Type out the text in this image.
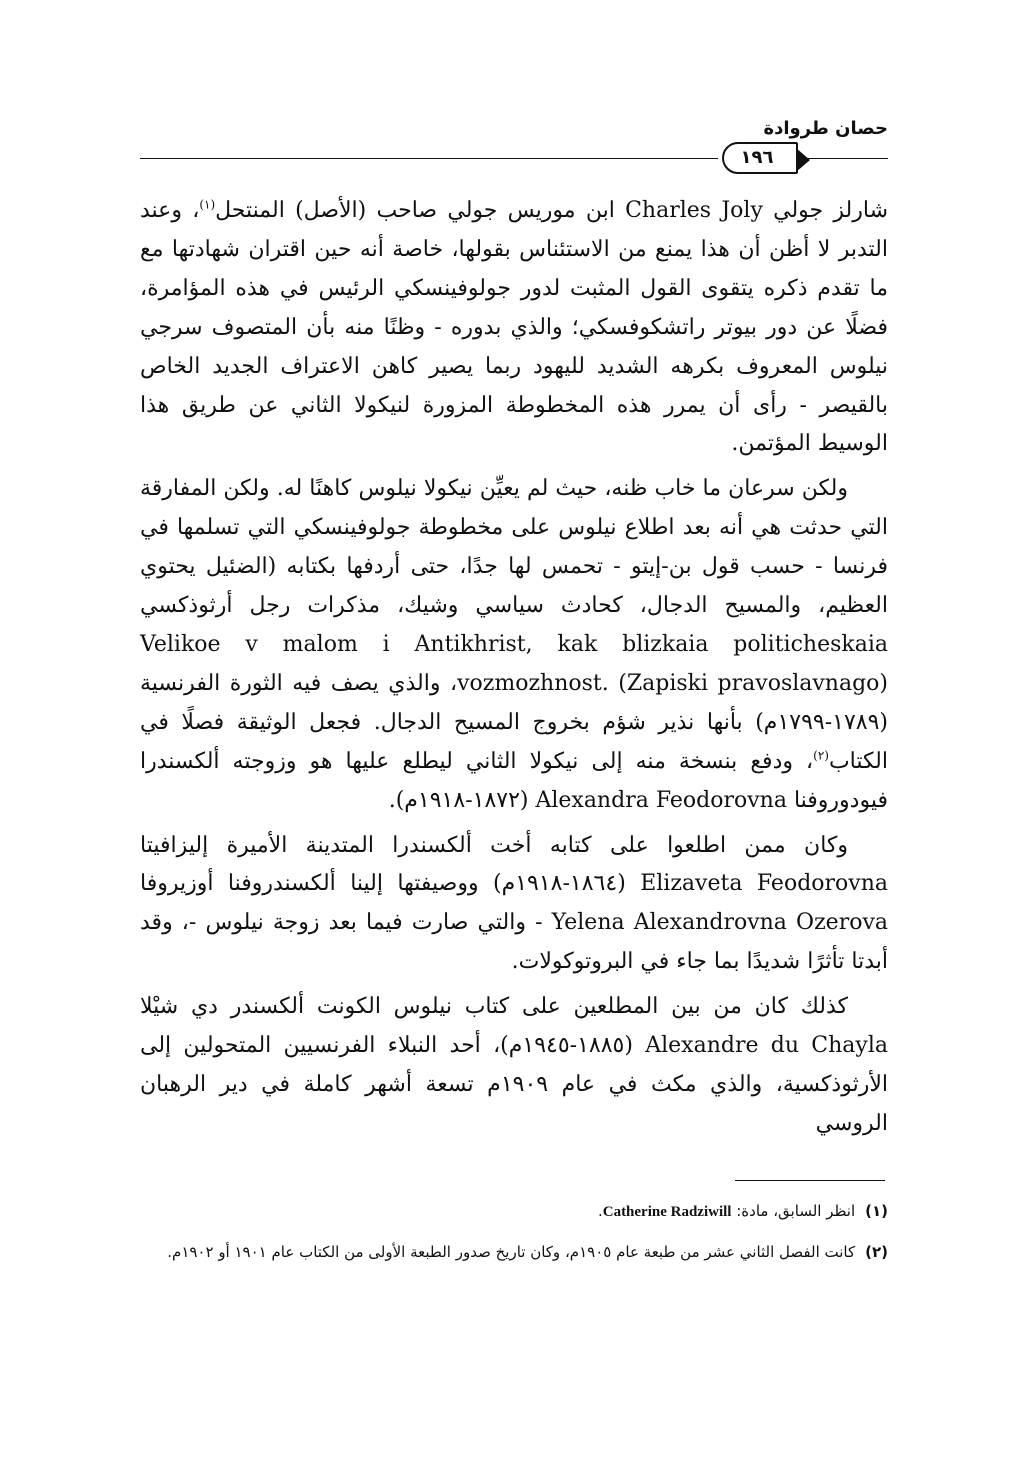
حصان طروادة
١٩٦

شارلز جولي Charles Joly ابن موريس جولي صاحب (الأصل) المنتحل$^{(١)}$، وعند التدبر لا أظن أن هذا يمنع من الاستئناس بقولها، خاصة أنه حين اقتران شهادتها مع ما تقدم ذكره يتقوى القول المثبت لدور جولوفينسكي الرئيس في هذه المؤامرة، فضلًا عن دور بيوتر راتشكوفسكي؛ والذي بدوره - وظنًا منه بأن المتصوف سرجي نيلوس المعروف بكرهه الشديد لليهود ربما يصير كاهن الاعتراف الجديد الخاص بالقيصر - رأى أن يمرر هذه المخطوطة المزورة لنيكولا الثاني عن طريق هذا الوسيط المؤتمن.

ولكن سرعان ما خاب ظنه، حيث لم يعيِّن نيكولا نيلوس كاهنًا له. ولكن المفارقة التي حدثت هي أنه بعد اطلاع نيلوس على مخطوطة جولوفينسكي التي تسلمها في فرنسا - حسب قول بن-إيتو - تحمس لها جدًا، حتى أردفها بكتابه (الضئيل يحتوي العظيم، والمسيح الدجال، كحادث سياسي وشيك، مذكرات رجل أرثوذكسي Velikoe v malom i Antikhrist, kak blizkaia politicheskaia vozmozhnost. (Zapiski pravoslavnago)، والذي يصف فيه الثورة الفرنسية (١٧٨٩-١٧٩٩م) بأنها نذير شؤم بخروج المسيح الدجال. فجعل الوثيقة فصلًا في الكتاب$^{(٢)}$، ودفع بنسخة منه إلى نيكولا الثاني ليطلع عليها هو وزوجته ألكسندرا فيودوروفنا Alexandra Feodorovna (١٨٧٢-١٩١٨م).

وكان ممن اطلعوا على كتابه أخت ألكسندرا المتدينة الأميرة إليزافيتا Elizaveta Feodorovna (١٨٦٤-١٩١٨م) ووصيفتها إلينا ألكسندروفنا أوزيروفا Yelena Alexandrovna Ozerova - والتي صارت فيما بعد زوجة نيلوس -، وقد أبدتا تأثرًا شديدًا بما جاء في البروتوكولات.

كذلك كان من بين المطلعين على كتاب نيلوس الكونت ألكسندر دي شيْلا Alexandre du Chayla (١٨٨٥-١٩٤٥م)، أحد النبلاء الفرنسيين المتحولين إلى الأرثوذكسية، والذي مكث في عام ١٩٠٩م تسعة أشهر كاملة في دير الرهبان الروسي

(١)انظر السابق، مادة: Catherine Radziwill.
(٢)كانت الفصل الثاني عشر من طبعة عام ١٩٠٥م، وكان تاريخ صدور الطبعة الأولى من الكتاب عام ١٩٠١ أو ١٩٠٢م.
